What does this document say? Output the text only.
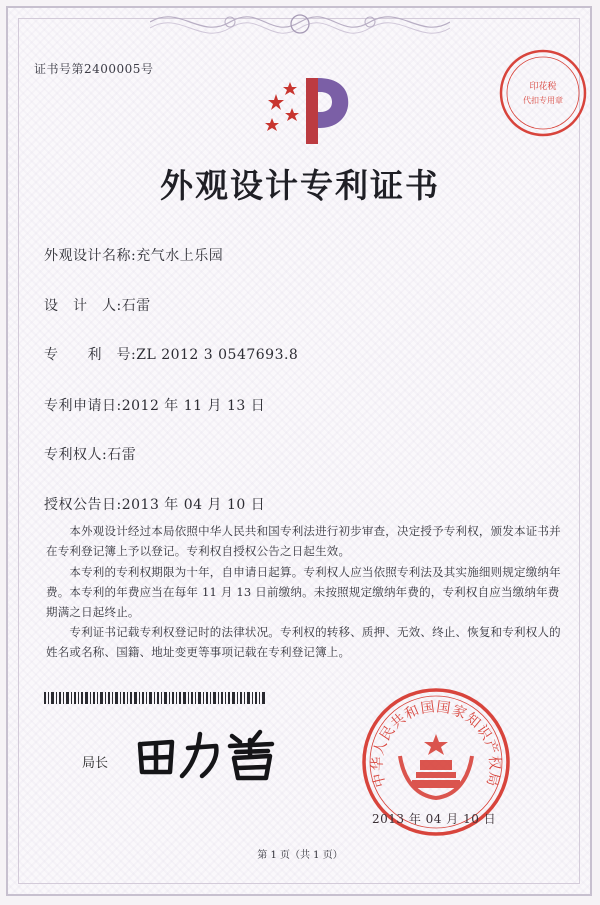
证书号第2400005号
外观设计专利证书
印花税
代扣专用章
外观设计名称:充气水上乐园
设　计　人:石雷
专　　利　号:ZL 2012 3 0547693.8
专利申请日:2012 年 11 月 13 日
专利权人:石雷
授权公告日:2013 年 04 月 10 日
　　本外观设计经过本局依照中华人民共和国专利法进行初步审查，决定授予专利权，颁发本证书并在专利登记簿上予以登记。专利权自授权公告之日起生效。
　　本专利的专利权期限为十年，自申请日起算。专利权人应当依照专利法及其实施细则规定缴纳年费。本专利的年费应当在每年 11 月 13 日前缴纳。未按照规定缴纳年费的，专利权自应当缴纳年费期满之日起终止。
　　专利证书记载专利权登记时的法律状况。专利权的转移、质押、无效、终止、恢复和专利权人的姓名或名称、国籍、地址变更等事项记载在专利登记簿上。
局长
中华人民共和国国家知识产权局
2013 年 04 月 10 日
第 1 页（共 1 页）
